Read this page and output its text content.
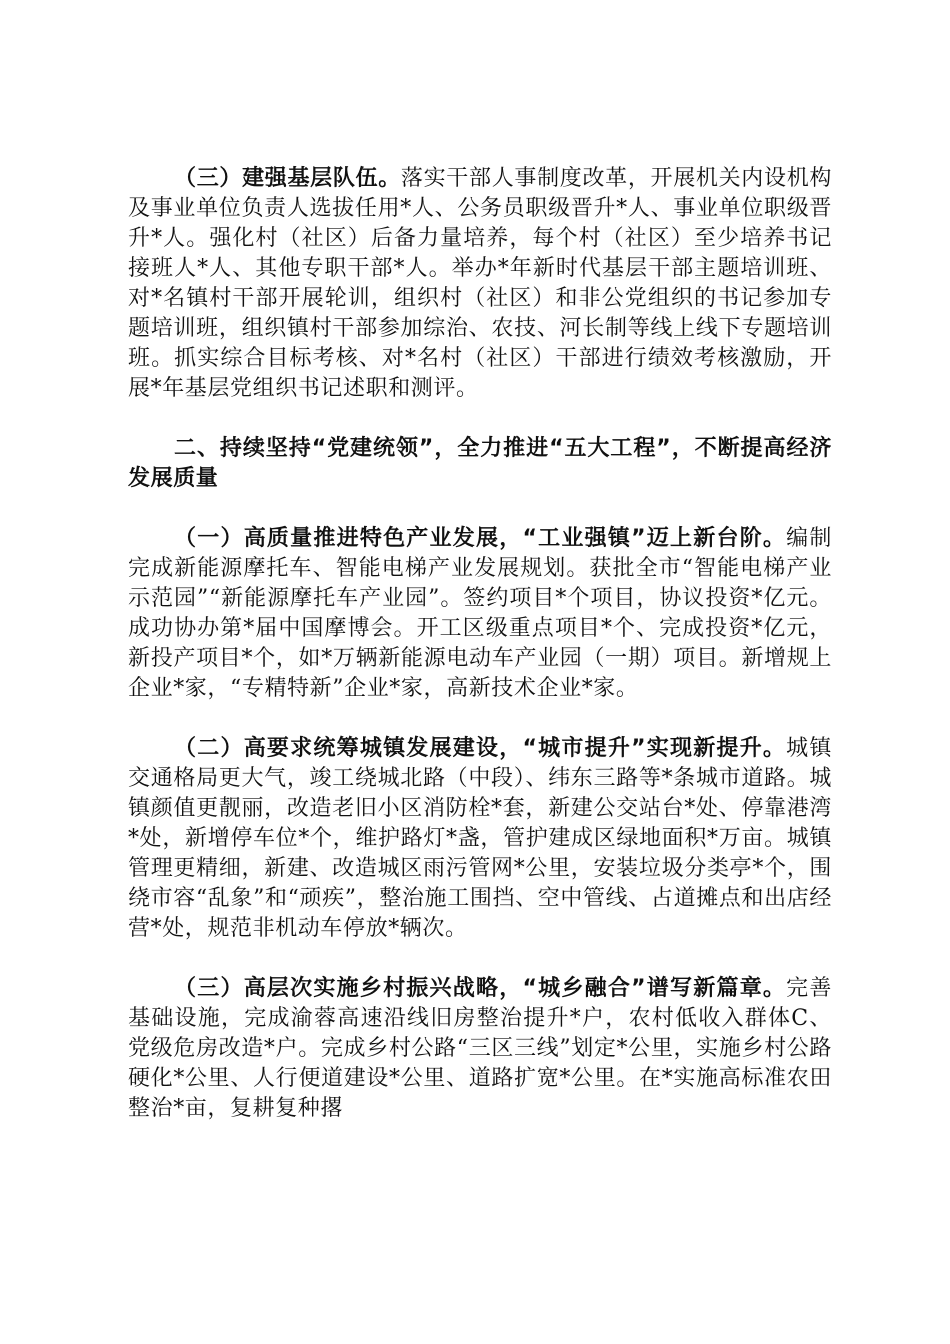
（三）建强基层队伍。落实干部人事制度改革，开展机关内设机构及事业单位负责人选拔任用*人、公务员职级晋升*人、事业单位职级晋升*人。强化村（社区）后备力量培养，每个村（社区）至少培养书记接班人*人、其他专职干部*人。举办*年新时代基层干部主题培训班、对*名镇村干部开展轮训，组织村（社区）和非公党组织的书记参加专题培训班，组织镇村干部参加综治、农技、河长制等线上线下专题培训班。抓实综合目标考核、对*名村（社区）干部进行绩效考核激励，开展*年基层党组织书记述职和测评。

二、持续坚持“党建统领”，全力推进“五大工程”，不断提高经济发展质量

（一）高质量推进特色产业发展，“工业强镇”迈上新台阶。编制完成新能源摩托车、智能电梯产业发展规划。获批全市“智能电梯产业示范园”“新能源摩托车产业园”。签约项目*个项目，协议投资*亿元。成功协办第*届中国摩博会。开工区级重点项目*个、完成投资*亿元，新投产项目*个，如*万辆新能源电动车产业园（一期）项目。新增规上企业*家，“专精特新”企业*家，高新技术企业*家。

（二）高要求统筹城镇发展建设，“城市提升”实现新提升。城镇交通格局更大气，竣工绕城北路（中段）、纬东三路等*条城市道路。城镇颜值更靓丽，改造老旧小区消防栓*套，新建公交站台*处、停靠港湾*处，新增停车位*个，维护路灯*盏，管护建成区绿地面积*万亩。城镇管理更精细，新建、改造城区雨污管网*公里，安装垃圾分类亭*个，围绕市容“乱象”和“顽疾”，整治施工围挡、空中管线、占道摊点和出店经营*处，规范非机动车停放*辆次。

（三）高层次实施乡村振兴战略，“城乡融合”谱写新篇章。完善基础设施，完成渝蓉高速沿线旧房整治提升*户，农村低收入群体C、党级危房改造*户。完成乡村公路“三区三线”划定*公里，实施乡村公路硬化*公里、人行便道建设*公里、道路扩宽*公里。在*实施高标准农田整治*亩，复耕复种撂
